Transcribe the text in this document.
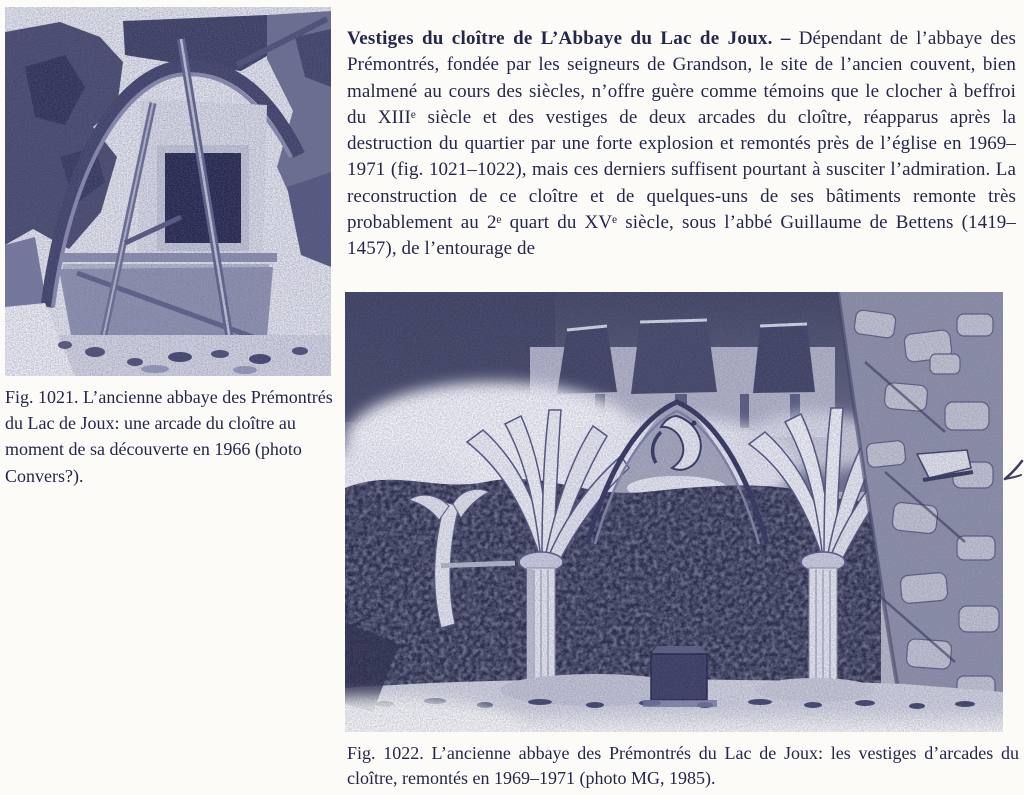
Fig. 1021. L’ancienne abbaye des Prémontrés du Lac de Joux: une arcade du cloître au moment de sa découverte en 1966 (photo Convers?).

Vestiges du cloître de L’Abbaye du Lac de Joux. – Dépendant de l’abbaye des Prémontrés, fondée par les seigneurs de Grandson, le site de l’ancien couvent, bien malmené au cours des siècles, n’offre guère comme témoins que le clocher à beffroi du XIIIᵉ siècle et des vestiges de deux arcades du cloître, réapparus après la destruction du quartier par une forte explosion et remontés près de l’église en 1969–1971 (fig. 1021–1022), mais ces derniers suffisent pourtant à susciter l’admiration. La reconstruction de ce cloître et de quelques-uns de ses bâtiments remonte très probablement au 2ᵉ quart du XVᵉ siècle, sous l’abbé Guillaume de Bettens (1419–1457), de l’entourage de

Fig. 1022. L’ancienne abbaye des Prémontrés du Lac de Joux: les vestiges d’arcades du cloître, remontés en 1969–1971 (photo MG, 1985).
